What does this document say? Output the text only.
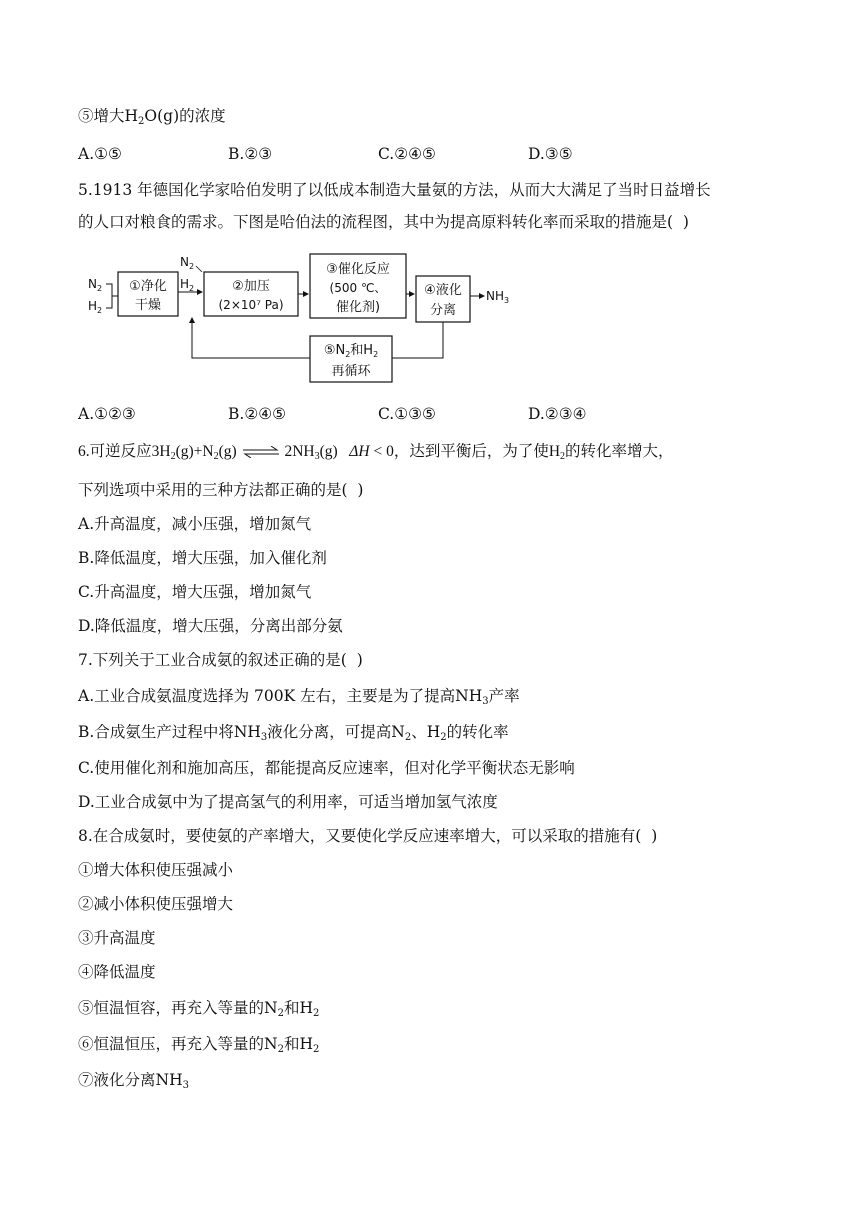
⑤增大$H_2O(g)$的浓度
A.①⑤	B.②③	C.②④⑤	D.③⑤
5.1913 年德国化学家哈伯发明了以低成本制造大量氨的方法，从而大大满足了当时日益增长
的人口对粮食的需求。下图是哈伯法的流程图，其中为提高原料转化率而采取的措施是(  )
$N_2$
$H_2$
①净化
干燥
$N_2$
$H_2$	②加压
(2×10⁷ Pa)
③催化反应
(500 ℃、
催化剂)
④液化
分离
$NH_3$
$⑤N_2$和$H_2$
再循环
A.①②③	B.②④⑤	C.①③⑤	D.②③④
6.可逆反应$3H_2(g)+N_2(g)$ ⇌ $2NH_3(g) \Delta H < 0$，达到平衡后，为了使$H_2$的转化率增大，
下列选项中采用的三种方法都正确的是(  )
A.升高温度，减小压强，增加氮气
B.降低温度，增大压强，加入催化剂
C.升高温度，增大压强，增加氮气
D.降低温度，增大压强，分离出部分氨
7.下列关于工业合成氨的叙述正确的是(  )
A.工业合成氨温度选择为 700K 左右，主要是为了提高$NH_3$产率
B.合成氨生产过程中将$NH_3$液化分离，可提高$N_2$、$H_2$的转化率
C.使用催化剂和施加高压，都能提高反应速率，但对化学平衡状态无影响
D.工业合成氨中为了提高氢气的利用率，可适当增加氢气浓度
8.在合成氨时，要使氨的产率增大，又要使化学反应速率增大，可以采取的措施有(  )
①增大体积使压强减小
②减小体积使压强增大
③升高温度
④降低温度
⑤恒温恒容，再充入等量的$N_2$和$H_2$
⑥恒温恒压，再充入等量的$N_2$和$H_2$
⑦液化分离$NH_3$
